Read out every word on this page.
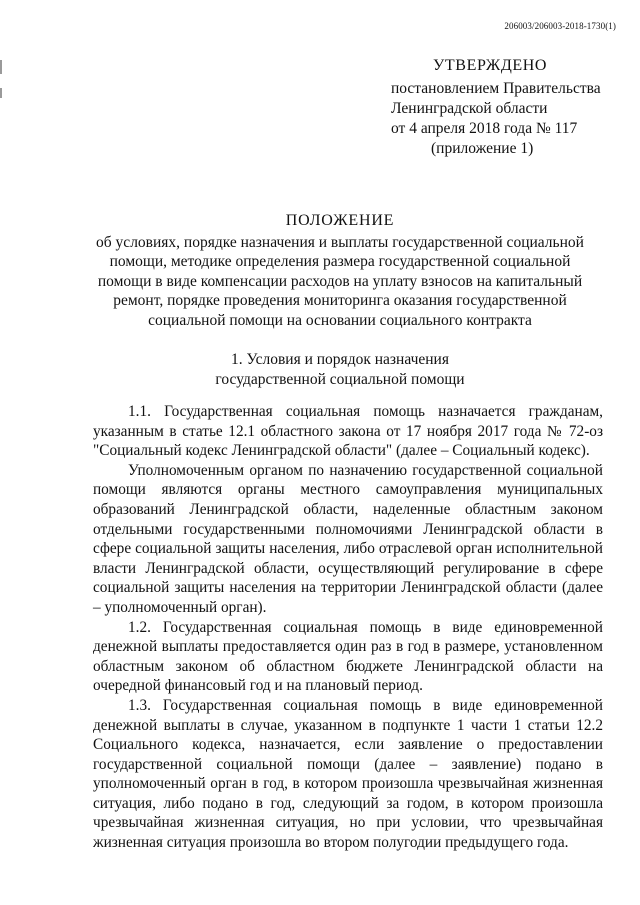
206003/206003-2018-1730(1)
УТВЕРЖДЕНО
постановлением Правительства
Ленинградской области
от 4 апреля 2018 года № 117
(приложение 1)
ПОЛОЖЕНИЕ
об условиях, порядке назначения и выплаты государственной социальной
помощи, методике определения размера государственной социальной
помощи в виде компенсации расходов на уплату взносов на капитальный
ремонт, порядке проведения мониторинга оказания государственной
социальной помощи на основании социального контракта
1. Условия и порядок назначения
государственной социальной помощи

1.1. Государственная социальная помощь назначается гражданам, указанным в статье 12.1 областного закона от 17 ноября 2017 года № 72-оз "Социальный кодекс Ленинградской области" (далее – Социальный кодекс).

Уполномоченным органом по назначению государственной социальной помощи являются органы местного самоуправления муниципальных образований Ленинградской области, наделенные областным законом отдельными государственными полномочиями Ленинградской области в сфере социальной защиты населения, либо отраслевой орган исполнительной власти Ленинградской области, осуществляющий регулирование в сфере социальной защиты населения на территории Ленинградской области (далее – уполномоченный орган).

1.2. Государственная социальная помощь в виде единовременной денежной выплаты предоставляется один раз в год в размере, установленном областным законом об областном бюджете Ленинградской области на очередной финансовый год и на плановый период.

1.3. Государственная социальная помощь в виде единовременной денежной выплаты в случае, указанном в подпункте 1 части 1 статьи 12.2 Социального кодекса, назначается, если заявление о предоставлении государственной социальной помощи (далее – заявление) подано в уполномоченный орган в год, в котором произошла чрезвычайная жизненная ситуация, либо подано в год, следующий за годом, в котором произошла чрезвычайная жизненная ситуация, но при условии, что чрезвычайная жизненная ситуация произошла во втором полугодии предыдущего года.
